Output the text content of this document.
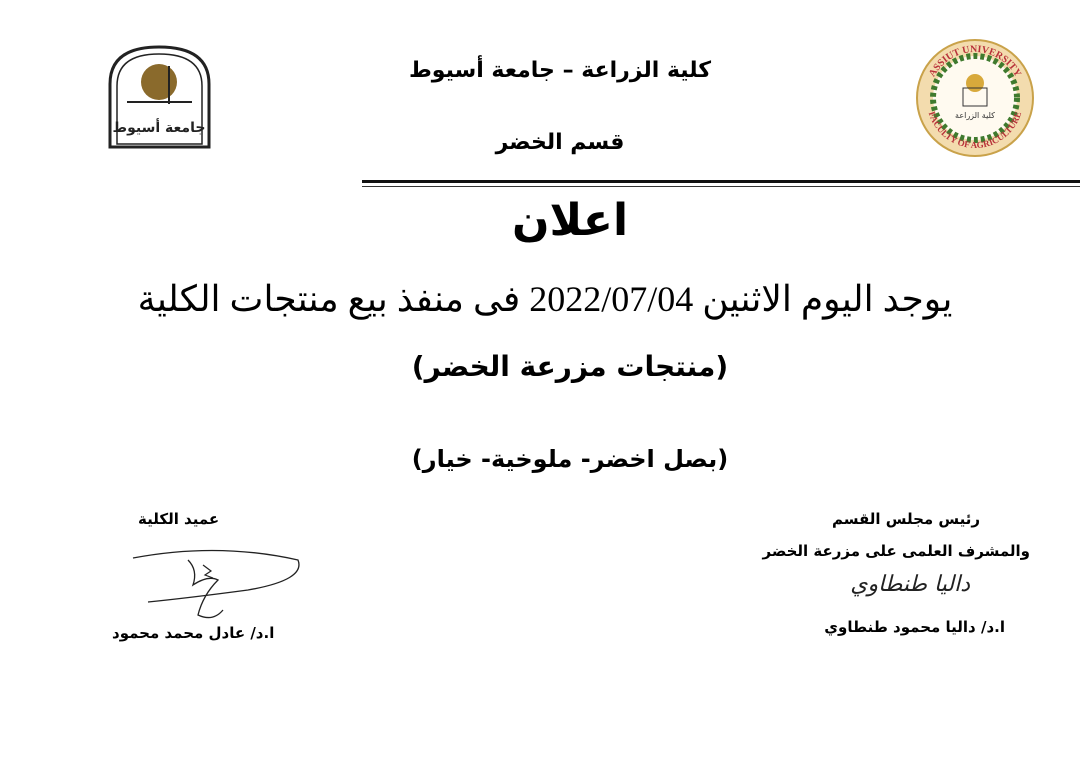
كلية الزراعة
ASSIUT UNIVERSITY
FACULTY OF AGRICULTURE
جامعة أسيوط
كلية الزراعة – جامعة أسيوط
قسم الخضر
اعلان
يوجد اليوم الاثنين 2022/07/04 فى منفذ بيع منتجات الكلية
(منتجات مزرعة الخضر)
(بصل اخضر- ملوخية- خيار)
رئيس مجلس القسم
والمشرف العلمى على مزرعة الخضر
داليا طنطاوي
ا.د/ داليا محمود طنطاوي
عميد الكلية
ا.د/ عادل محمد محمود
